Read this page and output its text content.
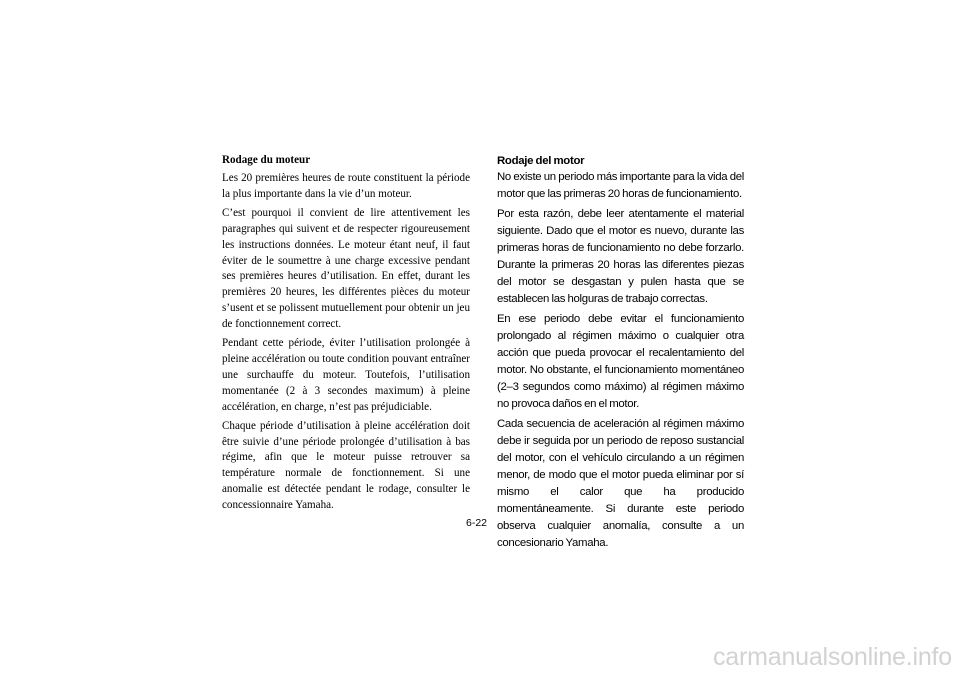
Rodage du moteur

Les 20 premières heures de route constituent la période la plus importante dans la vie d’un moteur.

C’est pourquoi il convient de lire attentivement les paragraphes qui suivent et de respecter rigoureusement les instructions données. Le moteur étant neuf, il faut éviter de le soumettre à une charge excessive pendant ses premières heures d’utilisation. En effet, durant les premières 20 heures, les différentes pièces du moteur s’usent et se polissent mutuellement pour obtenir un jeu de fonctionnement correct.

Pendant cette période, éviter l’utilisation prolongée à pleine accélération ou toute condition pouvant entraîner une surchauffe du moteur. Toutefois, l’utilisation momentanée (2 à 3 secondes maximum) à pleine accélération, en charge, n’est pas préjudiciable.

Chaque période d’utilisation à pleine accélération doit être suivie d’une période prolongée d’utilisation à bas régime, afin que le moteur puisse retrouver sa température normale de fonctionnement. Si une anomalie est détectée pendant le rodage, consulter le concessionnaire Yamaha.

Rodaje del motor

No existe un periodo más importante para la vida del motor que las primeras 20 horas de funcionamiento.

Por esta razón, debe leer atentamente el material siguiente. Dado que el motor es nuevo, durante las primeras horas de funcionamiento no debe forzarlo. Durante la primeras 20 horas las diferentes piezas del motor se desgastan y pulen hasta que se establecen las holguras de trabajo correctas.

En ese periodo debe evitar el funcionamiento prolongado al régimen máximo o cualquier otra acción que pueda provocar el recalentamiento del motor. No obstante, el funcionamiento momentáneo (2–3 segundos como máximo) al régimen máximo no provoca daños en el motor.

Cada secuencia de aceleración al régimen máximo debe ir seguida por un periodo de reposo sustancial del motor, con el vehículo circulando a un régimen menor, de modo que el motor pueda eliminar por sí mismo el calor que ha producido momentáneamente. Si durante este periodo observa cualquier anomalía, consulte a un concesionario Yamaha.

6-22
carmanualsonline.info
